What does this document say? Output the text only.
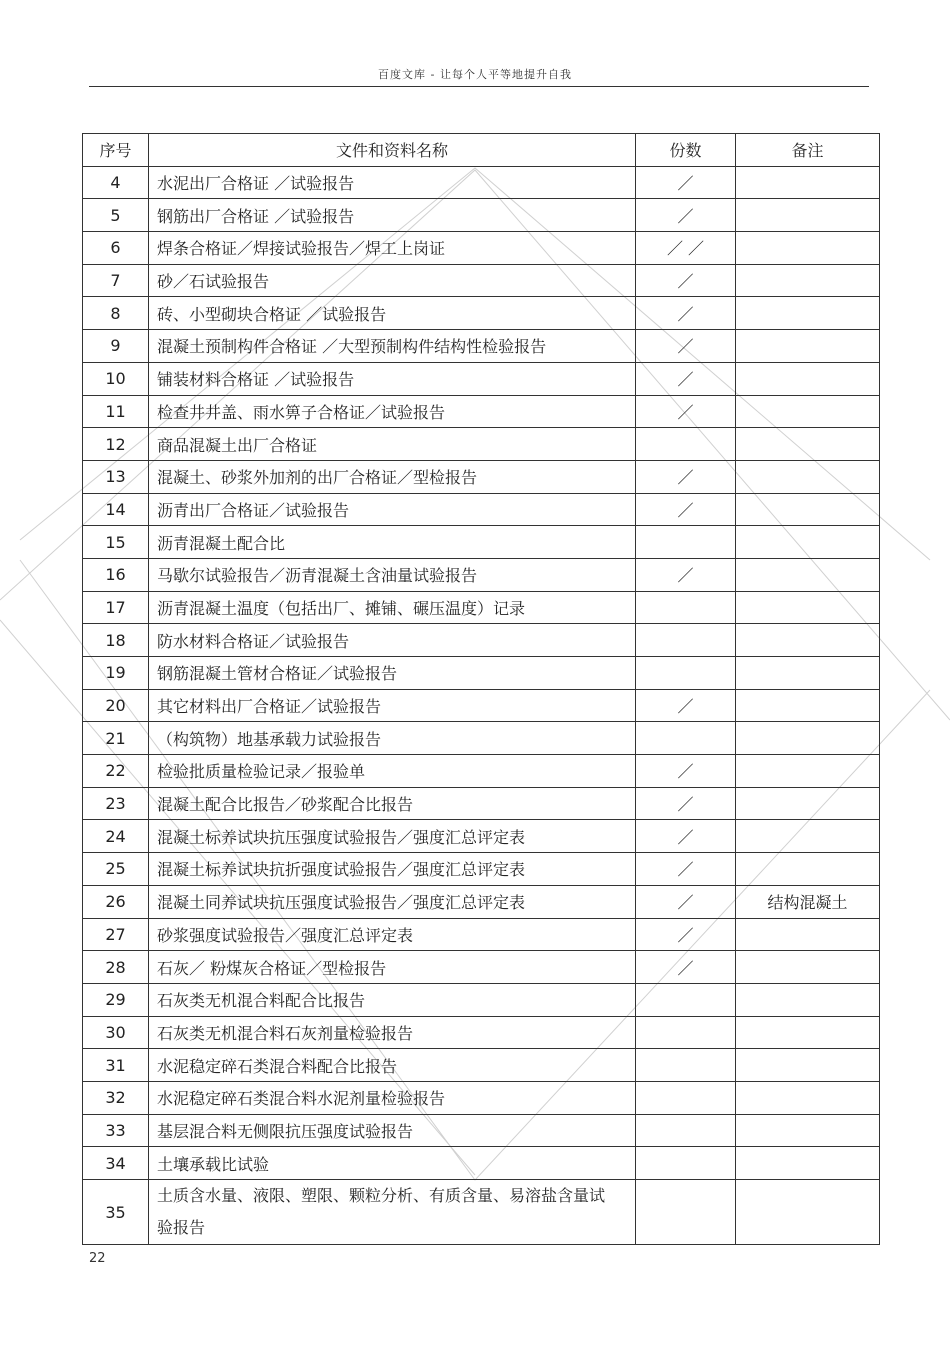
百度文库 - 让每个人平等地提升自我
序号	文件和资料名称	份数	备注
4	水泥出厂合格证 ／试验报告	／	
5	钢筋出厂合格证 ／试验报告	／	
6	焊条合格证／焊接试验报告／焊工上岗证	／ ／	
7	砂／石试验报告	／	
8	砖、小型砌块合格证 ／试验报告	／	
9	混凝土预制构件合格证 ／大型预制构件结构性检验报告	／	
10	铺装材料合格证 ／试验报告	／	
11	检查井井盖、雨水箅子合格证／试验报告	／	
12	商品混凝土出厂合格证		
13	混凝土、砂浆外加剂的出厂合格证／型检报告	／	
14	沥青出厂合格证／试验报告	／	
15	沥青混凝土配合比		
16	马歇尔试验报告／沥青混凝土含油量试验报告	／	
17	沥青混凝土温度（包括出厂、摊铺、碾压温度）记录		
18	防水材料合格证／试验报告		
19	钢筋混凝土管材合格证／试验报告		
20	其它材料出厂合格证／试验报告	／	
21	（构筑物）地基承载力试验报告		
22	检验批质量检验记录／报验单	／	
23	混凝土配合比报告／砂浆配合比报告	／	
24	混凝土标养试块抗压强度试验报告／强度汇总评定表	／	
25	混凝土标养试块抗折强度试验报告／强度汇总评定表	／	
26	混凝土同养试块抗压强度试验报告／强度汇总评定表	／	结构混凝土
27	砂浆强度试验报告／强度汇总评定表	／	
28	石灰／ 粉煤灰合格证／型检报告	／	
29	石灰类无机混合料配合比报告		
30	石灰类无机混合料石灰剂量检验报告		
31	水泥稳定碎石类混合料配合比报告		
32	水泥稳定碎石类混合料水泥剂量检验报告		
33	基层混合料无侧限抗压强度试验报告		
34	土壤承载比试验		
35	土质含水量、液限、塑限、颗粒分析、有质含量、易溶盐含量试验报告		
22
